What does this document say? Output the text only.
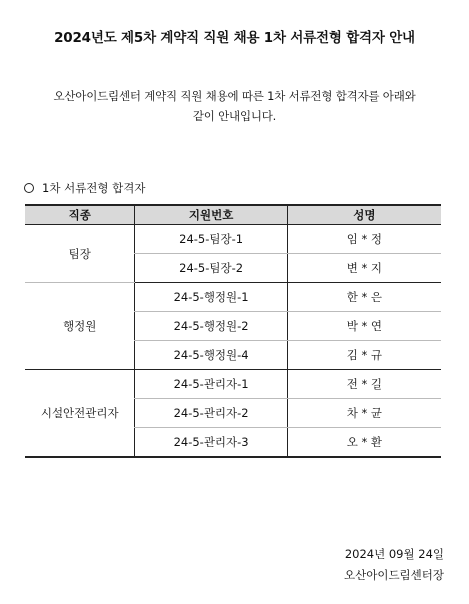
2024년도 제5차 계약직 직원 채용 1차 서류전형 합격자 안내
오산아이드림센터 계약직 직원 채용에 따른 1차 서류전형 합격자를 아래와
같이 안내입니다.
1차 서류전형 합격자
직종	지원번호	성명
팀장	24-5-팀장-1	임 * 정
	24-5-팀장-2	변 * 지
행정원	24-5-행정원-1	한 * 은
	24-5-행정원-2	박 * 연
	24-5-행정원-4	김 * 규
시설안전관리자	24-5-관리자-1	전 * 길
	24-5-관리자-2	차 * 균
	24-5-관리자-3	오 * 환
2024년 09월 24일
오산아이드림센터장
